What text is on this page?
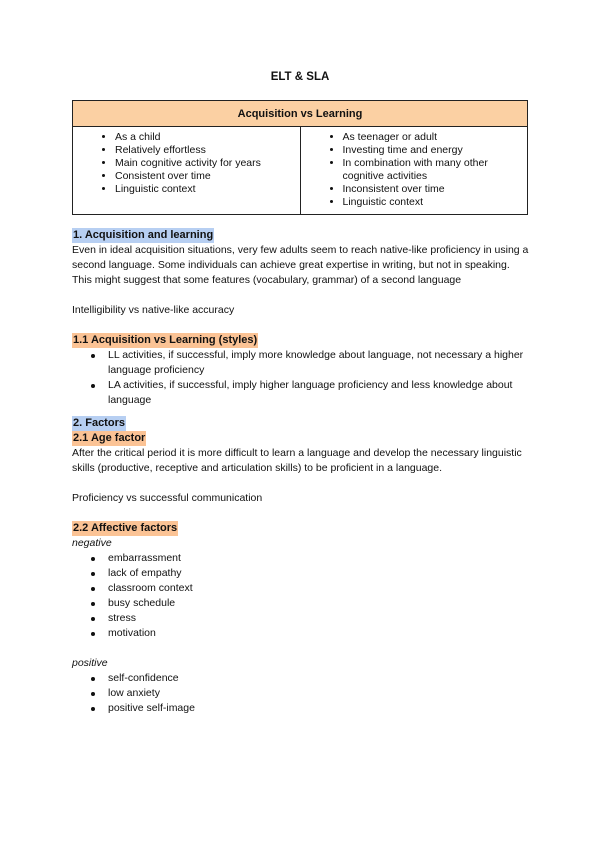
ELT & SLA
Acquisition vs Learning

• As a child
• Relatively effortless
• Main cognitive activity for years
• Consistent over time
• Linguistic context

• As teenager or adult
• Investing time and energy
• In combination with many other cognitive activities
• Inconsistent over time
• Linguistic context

1. Acquisition and learning

Even in ideal acquisition situations, very few adults seem to reach native-like proficiency in using a second language. Some individuals can achieve great expertise in writing, but not in speaking. This might suggest that some features (vocabulary, grammar) of a second language

Intelligibility vs native-like accuracy

1.1 Acquisition vs Learning (styles)

LL activities, if successful, imply more knowledge about language, not necessary a higher language proficiency
LA activities, if successful, imply higher language proficiency and less knowledge about language

2. Factors

2.1 Age factor

After the critical period it is more difficult to learn a language and develop the necessary linguistic skills (productive, receptive and articulation skills) to be proficient in a language.

Proficiency vs successful communication

2.2 Affective factors

negative

embarrassment
lack of empathy
classroom context
busy schedule
stress
motivation

positive

self-confidence
low anxiety
positive self-image
